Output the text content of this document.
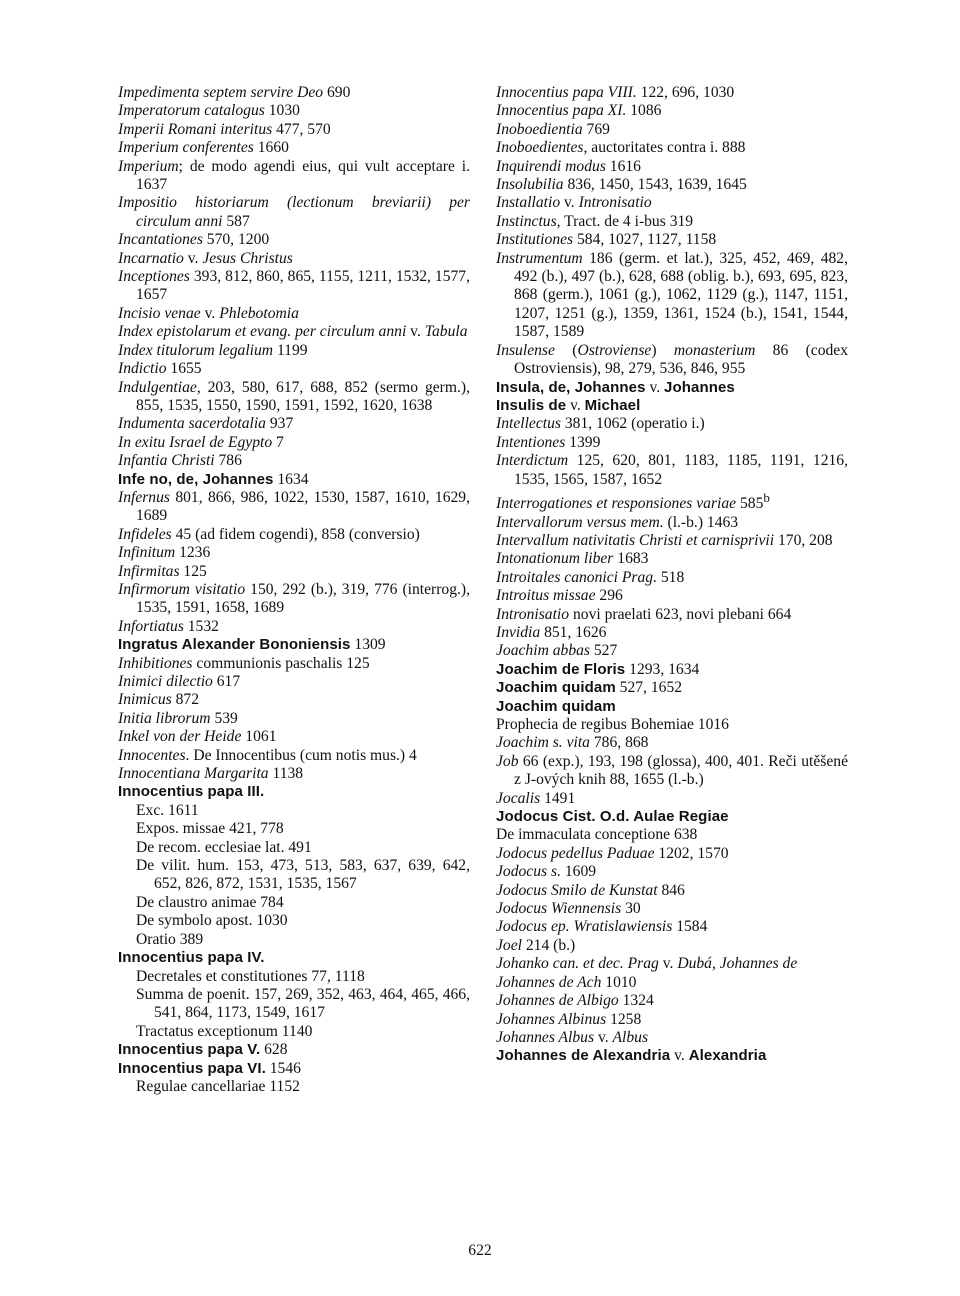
Impedimenta septem servire Deo 690
Imperatorum catalogus 1030
Imperii Romani interitus 477, 570
Imperium conferentes 1660
Imperium; de modo agendi eius, qui vult acceptare i. 1637
Impositio historiarum (lectionum breviarii) per circulum anni 587
Incantationes 570, 1200
Incarnatio v. Jesus Christus
Inceptiones 393, 812, 860, 865, 1155, 1211, 1532, 1577, 1657
Incisio venae v. Phlebotomia
Index epistolarum et evang. per circulum anni v. Tabula
Index titulorum legalium 1199
Indictio 1655
Indulgentiae, 203, 580, 617, 688, 852 (sermo germ.), 855, 1535, 1550, 1590, 1591, 1592, 1620, 1638
Indumenta sacerdotalia 937
In exitu Israel de Egypto 7
Infantia Christi 786
Infe no, de, Johannes 1634
Infernus 801, 866, 986, 1022, 1530, 1587, 1610, 1629, 1689
Infideles 45 (ad fidem cogendi), 858 (conversio)
Infinitum 1236
Infirmitas 125
Infirmorum visitatio 150, 292 (b.), 319, 776 (interrog.), 1535, 1591, 1658, 1689
Infortiatus 1532
Ingratus Alexander Bononiensis 1309
Inhibitiones communionis paschalis 125
Inimici dilectio 617
Inimicus 872
Initia librorum 539
Inkel von der Heide 1061
Innocentes. De Innocentibus (cum notis mus.) 4
Innocentiana Margarita 1138
Innocentius papa III.
Exc. 1611
Expos. missae 421, 778
De recom. ecclesiae lat. 491
De vilit. hum. 153, 473, 513, 583, 637, 639, 642, 652, 826, 872, 1531, 1535, 1567
De claustro animae 784
De symbolo apost. 1030
Oratio 389
Innocentius papa IV.
Decretales et constitutiones 77, 1118
Summa de poenit. 157, 269, 352, 463, 464, 465, 466, 541, 864, 1173, 1549, 1617
Tractatus exceptionum 1140
Innocentius papa V. 628
Innocentius papa VI. 1546
Regulae cancellariae 1152
Innocentius papa VIII. 122, 696, 1030
Innocentius papa XI. 1086
Inoboedientia 769
Inoboedientes, auctoritates contra i. 888
Inquirendi modus 1616
Insolubilia 836, 1450, 1543, 1639, 1645
Installatio v. Intronisatio
Instinctus, Tract. de 4 i-bus 319
Institutiones 584, 1027, 1127, 1158
Instrumentum 186 (germ. et lat.), 325, 452, 469, 482, 492 (b.), 497 (b.), 628, 688 (oblig. b.), 693, 695, 823, 868 (germ.), 1061 (g.), 1062, 1129 (g.), 1147, 1151, 1207, 1251 (g.), 1359, 1361, 1524 (b.), 1541, 1544, 1587, 1589
Insulense (Ostroviense) monasterium 86 (codex Ostroviensis), 98, 279, 536, 846, 955
Insula, de, Johannes v. Johannes
Insulis de v. Michael
Intellectus 381, 1062 (operatio i.)
Intentiones 1399
Interdictum 125, 620, 801, 1183, 1185, 1191, 1216, 1535, 1565, 1587, 1652
Interrogationes et responsiones variae 585$^b$
Intervallorum versus mem. (l.-b.) 1463
Intervallum nativitatis Christi et carnisprivii 170, 208
Intonationum liber 1683
Introitales canonici Prag. 518
Introitus missae 296
Intronisatio novi praelati 623, novi plebani 664
Invidia 851, 1626
Joachim abbas 527
Joachim de Floris 1293, 1634
Joachim quidam 527, 1652
Joachim quidam
Prophecia de regibus Bohemiae 1016
Joachim s. vita 786, 868
Job 66 (exp.), 193, 198 (glossa), 400, 401. Reči utěšené z J-ových knih 88, 1655 (l.-b.)
Jocalis 1491
Jodocus Cist. O.d. Aulae Regiae
De immaculata conceptione 638
Jodocus pedellus Paduae 1202, 1570
Jodocus s. 1609
Jodocus Smilo de Kunstat 846
Jodocus Wiennensis 30
Jodocus ep. Wratislawiensis 1584
Joel 214 (b.)
Johanko can. et dec. Prag v. Dubá, Johannes de
Johannes de Ach 1010
Johannes de Albigo 1324
Johannes Albinus 1258
Johannes Albus v. Albus
Johannes de Alexandria v. Alexandria
622
